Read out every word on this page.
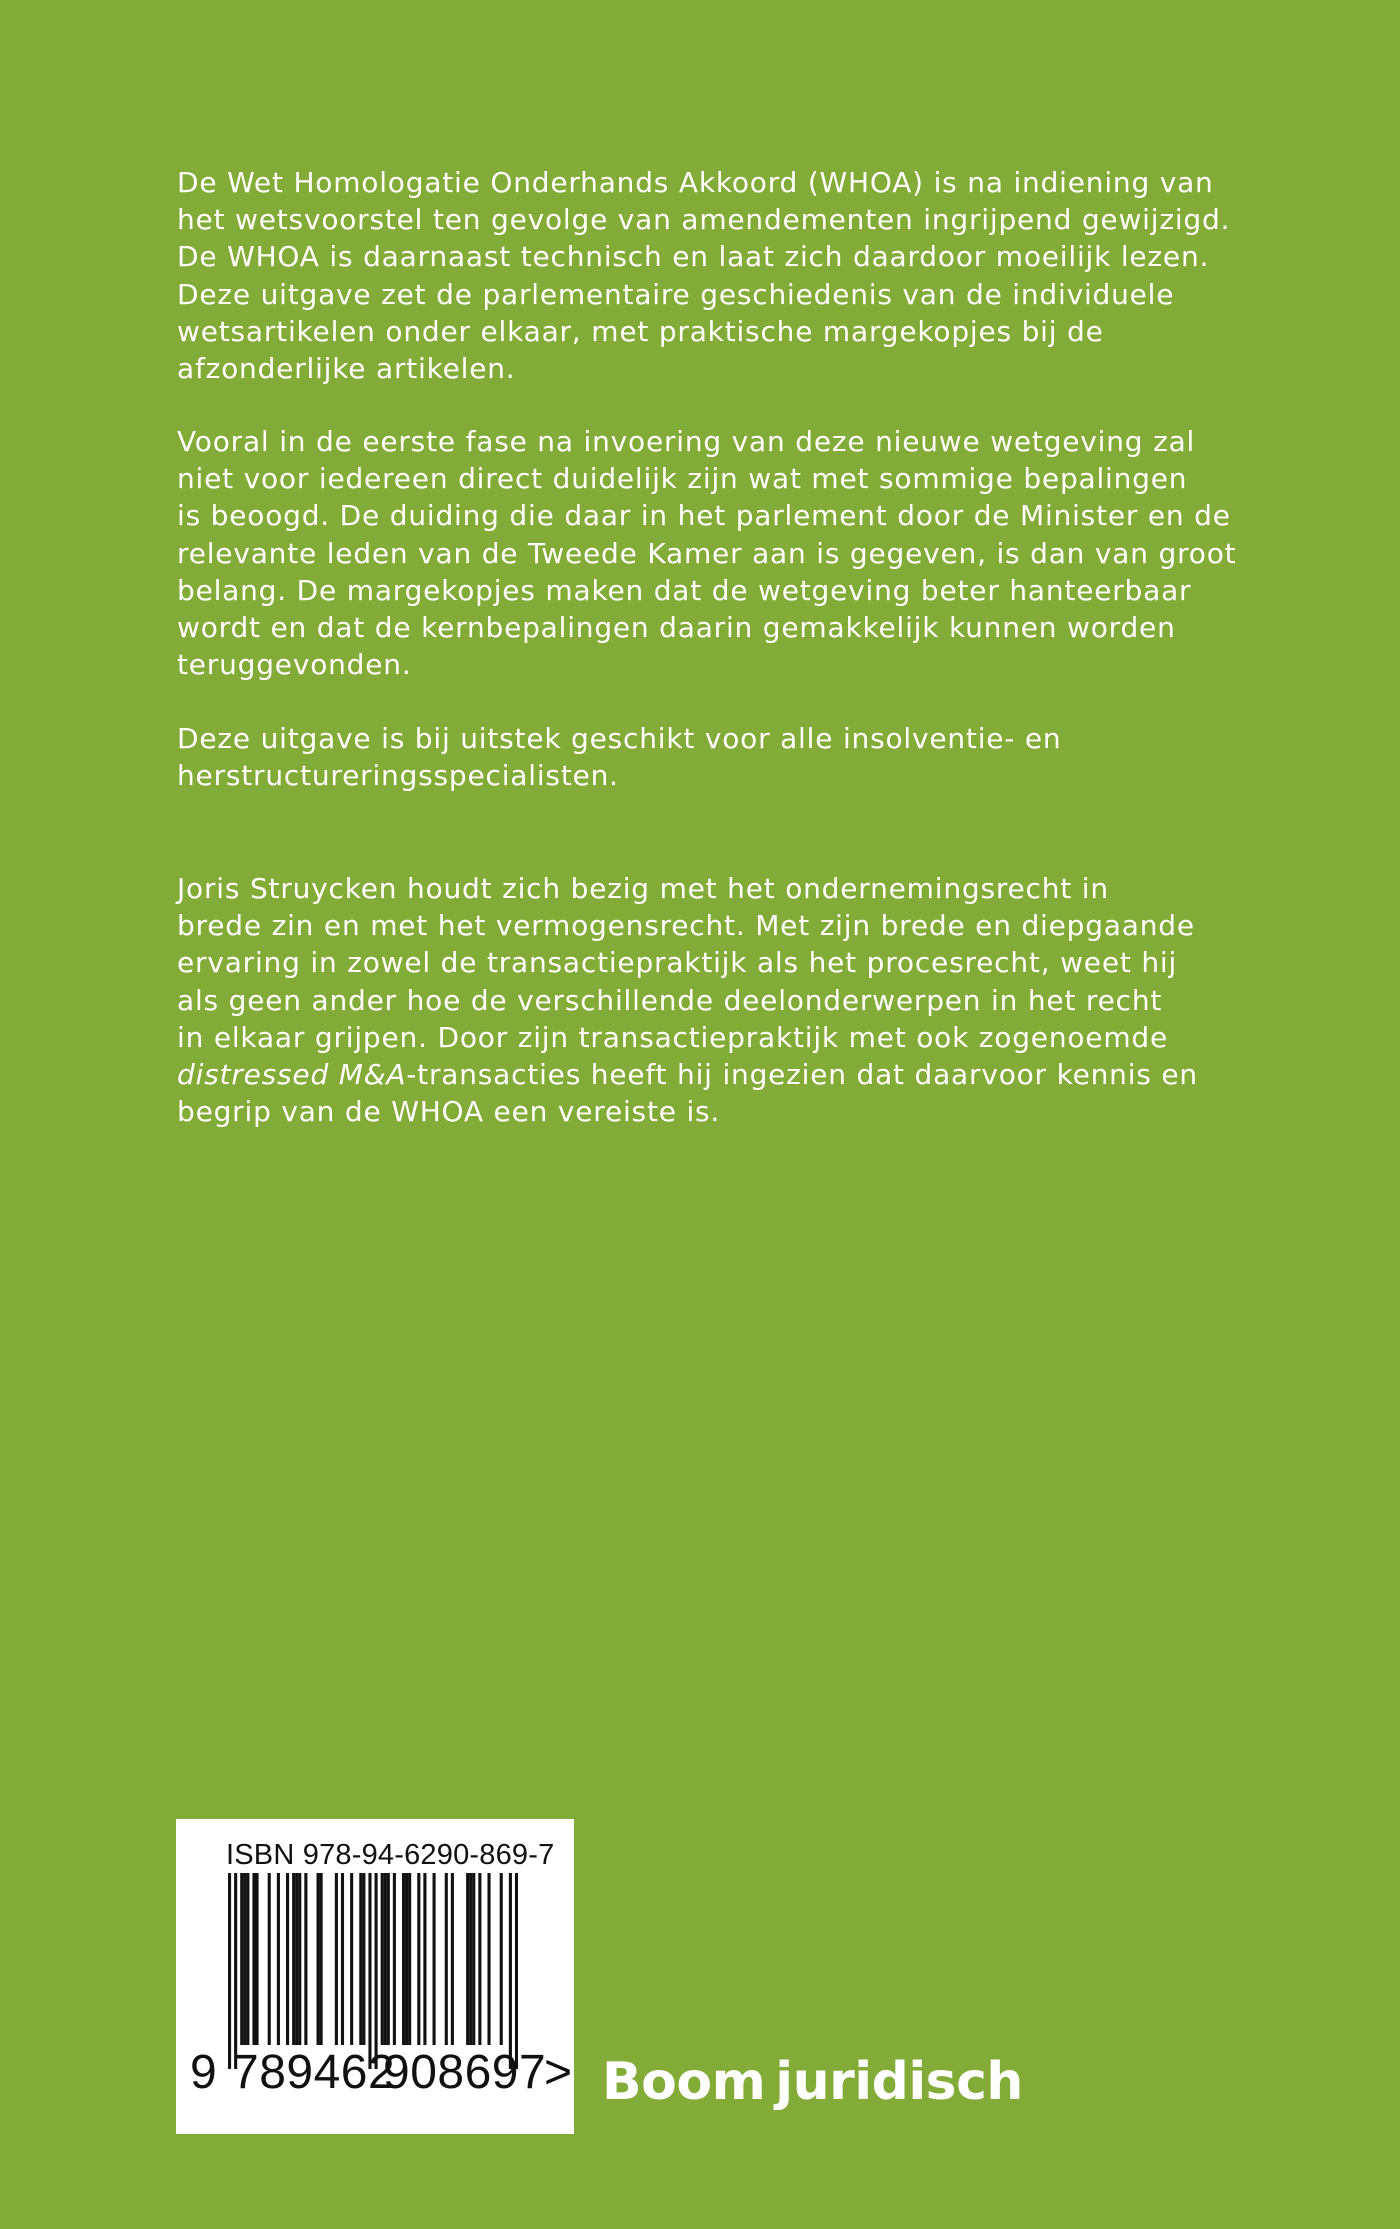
De Wet Homologatie Onderhands Akkoord (WHOA) is na indiening van
het wetsvoorstel ten gevolge van amendementen ingrijpend gewijzigd.
De WHOA is daarnaast technisch en laat zich daardoor moeilijk lezen.
Deze uitgave zet de parlementaire geschiedenis van de individuele
wetsartikelen onder elkaar, met praktische margekopjes bij de
afzonderlijke artikelen.
Vooral in de eerste fase na invoering van deze nieuwe wetgeving zal
niet voor iedereen direct duidelijk zijn wat met sommige bepalingen
is beoogd. De duiding die daar in het parlement door de Minister en de
relevante leden van de Tweede Kamer aan is gegeven, is dan van groot
belang. De margekopjes maken dat de wetgeving beter hanteerbaar
wordt en dat de kernbepalingen daarin gemakkelijk kunnen worden
teruggevonden.
Deze uitgave is bij uitstek geschikt voor alle insolventie- en
herstructureringsspecialisten.
Joris Struycken houdt zich bezig met het ondernemingsrecht in
brede zin en met het vermogensrecht. Met zijn brede en diepgaande
ervaring in zowel de transactiepraktijk als het procesrecht, weet hij
als geen ander hoe de verschillende deelonderwerpen in het recht
in elkaar grijpen. Door zijn transactiepraktijk met ook zogenoemde
distressed M&A-transacties heeft hij ingezien dat daarvoor kennis en
begrip van de WHOA een vereiste is.
ISBN 978-94-6290-869-7
9 789462
908697
> Boom juridisch
